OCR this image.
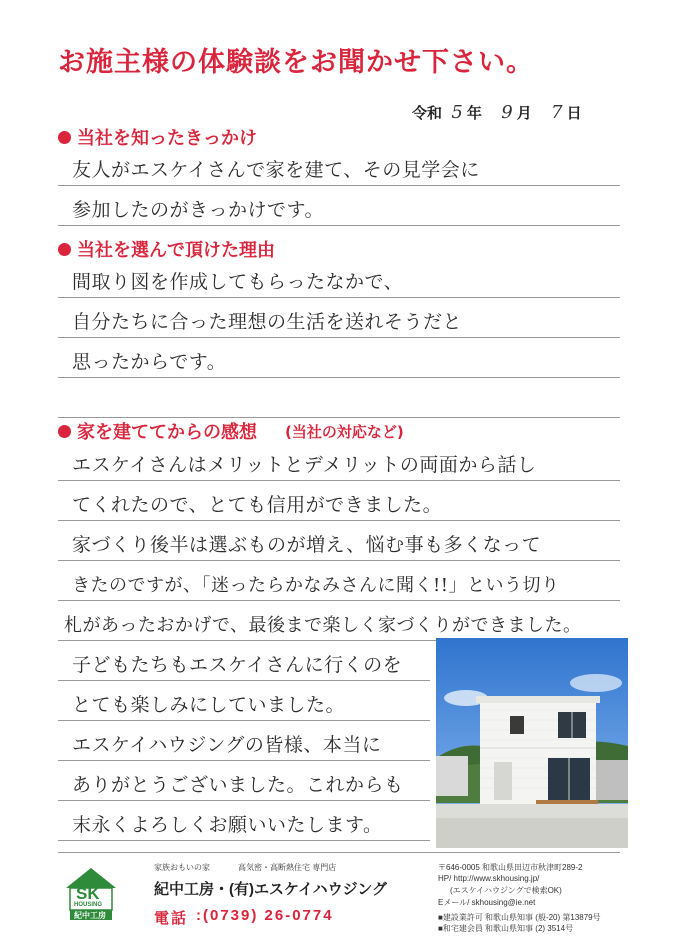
お施主様の体験談をお聞かせ下さい。
令和 5 年 9 月 7 日
当社を知ったきっかけ
友人がエスケイさんで家を建て、その見学会に
参加したのがきっかけです。
当社を選んで頂けた理由
間取り図を作成してもらったなかで、
自分たちに合った理想の生活を送れそうだと
思ったからです。
家を建ててからの感想 (当社の対応など)
エスケイさんはメリットとデメリットの両面から話し
てくれたので、とても信用ができました。
家づくり後半は選ぶものが増え、悩む事も多くなって
きたのですが、「迷ったらかなみさんに聞く!!」という切り
札があったおかげで、最後まで楽しく家づくりができました。
子どもたちもエスケイさんに行くのを
とても楽しみにしていました。
エスケイハウジングの皆様、本当に
ありがとうございました。これからも
末永くよろしくお願いいたします。
SK
HOUSING
紀中工房
家族おもいの家	高気密・高断熱住宅 専門店
紀中工房・(有)エスケイハウジング
電話 :(0739) 26-0774
〒646-0005 和歌山県田辺市秋津町289-2
HP/ http://www.skhousing.jp/
(エスケイハウジングで検索OK)
Eメール/ skhousing@ie.net
■建設業許可 和歌山県知事 (般-20) 第13879号
■和宅建会員 和歌山県知事 (2) 3514号
